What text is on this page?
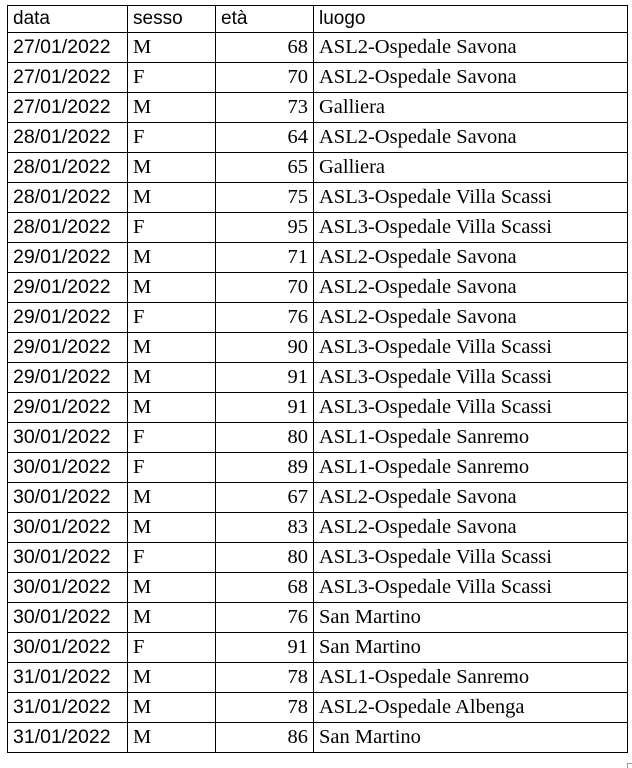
data	sesso	età	luogo
27/01/2022	M	68	ASL2-Ospedale Savona
27/01/2022	F	70	ASL2-Ospedale Savona
27/01/2022	M	73	Galliera
28/01/2022	F	64	ASL2-Ospedale Savona
28/01/2022	M	65	Galliera
28/01/2022	M	75	ASL3-Ospedale Villa Scassi
28/01/2022	F	95	ASL3-Ospedale Villa Scassi
29/01/2022	M	71	ASL2-Ospedale Savona
29/01/2022	M	70	ASL2-Ospedale Savona
29/01/2022	F	76	ASL2-Ospedale Savona
29/01/2022	M	90	ASL3-Ospedale Villa Scassi
29/01/2022	M	91	ASL3-Ospedale Villa Scassi
29/01/2022	M	91	ASL3-Ospedale Villa Scassi
30/01/2022	F	80	ASL1-Ospedale Sanremo
30/01/2022	F	89	ASL1-Ospedale Sanremo
30/01/2022	M	67	ASL2-Ospedale Savona
30/01/2022	M	83	ASL2-Ospedale Savona
30/01/2022	F	80	ASL3-Ospedale Villa Scassi
30/01/2022	M	68	ASL3-Ospedale Villa Scassi
30/01/2022	M	76	San Martino
30/01/2022	F	91	San Martino
31/01/2022	M	78	ASL1-Ospedale Sanremo
31/01/2022	M	78	ASL2-Ospedale Albenga
31/01/2022	M	86	San Martino
